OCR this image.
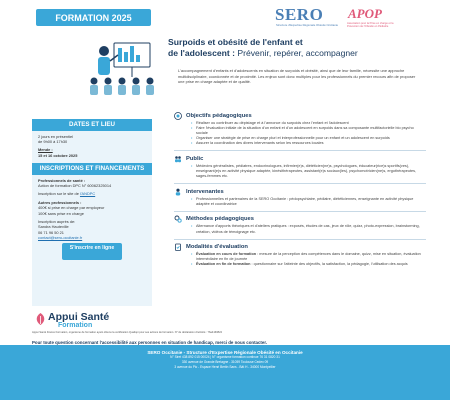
FORMATION 2025	SERO
Structure d'Expertise Régionale Obésité Occitanie
APOP
Association pour la Prise en charge et la Prévention de l'Obésité en Pédiatrie
Surpoids et obésité de l'enfant et
de l'adolescent : Prévenir, repérer, accompagner
L'accompagnement d'enfants et d'adolescents en situation de surpoids et obésité, ainsi que de leur famille, nécessite une approche multidisciplinaire, coordonnée et de proximité. Les enjeux sont donc multiples pour les professionnels du premier recours afin de proposer une prise en charge adaptée et de qualité.
DATES ET LIEU
2 jours en présentiel
de 9h00 à 17h30
Mende :
15 et 16 octobre 2025
INSCRIPTIONS ET FINANCEMENTS
Professionnels de santé :
Action de formation DPC N° 60062325014
Inscription sur le site de l'ANDPC
Autres professionnels :
400€ si prise en charge par employeur
100€ sans prise en charge
Inscription auprès de:
Sandra Hauteville
06 71 96 50 21
contact@sero-occitanie.fr
S'inscrire en ligne
Objectifs pédagogiques
• Réaliser ou contribuer au dépistage et à l'annonce du surpoids chez l'enfant et l'adolescent
• Faire l'évaluation initiale de la situation d'un enfant et d'un adolescent en surpoids dans sa composante multifactorielle bio psycho sociale
• Organiser une stratégie de prise en charge pluri et interprofessionnelle pour un enfant et un adolescent en surpoids
• Assurer la coordination des divers intervenants selon les ressources locales
Public
• Médecins généralistes, pédiatres, endocrinologues, infirmier(e)s, diététicien(ne)s, psychologues, éducateur(rice)s sportifs(ves), enseignant(e)s en activité physique adaptée, kinésithérapeutes, assistant(e)s sociaux(les), psychomotricien(ne)s, ergothérapeutes, sages-femmes etc.
Intervenantes
• Professionnelles et partenaires de la SERO Occitanie : pédopsychiatre, pédiatre, diététiciennes, enseignante en activité physique adaptée et coordinatrice
Méthodes pédagogiques
• Alternance d'apports théoriques et d'ateliers pratiques : exposés, études de cas, jeux de rôle, quizz, photo-expression, brainstorming, création, vidéos de témoignage etc.
Modalités d'évaluation
• Évaluation en cours de formation : mesure de la perception des compétences dans le domaine, quizz, mise en situation, évaluation intermédiaire en fin de journée
• Évaluation en fin de formation : questionnaire sur l'atteinte des objectifs, la satisfaction, la pédagogie, l'utilisation des acquis
Appui Santé
Formation
Appui Santé France Formation, organisme de formation ayant obtenu la certification Qualiopi pour ses actions de formation. N° de déclaration d'activité : 76a4160824
Pour toute question concernant l'accessibilité aux personnes en situation de handicap, merci de nous contacter.
SERO Occitanie - Structure d'Expertise Régionale Obésité en Occitanie
N° Siret 438 892 015 00024 | N° organisme formation continue 76 31 0820 31
330 avenue de Grande Bretagne - 31059 Toulouse Cedex 09
3 avenue du Pic - Espace Henri Bertin Sans - Bât H - 34000 Montpellier
